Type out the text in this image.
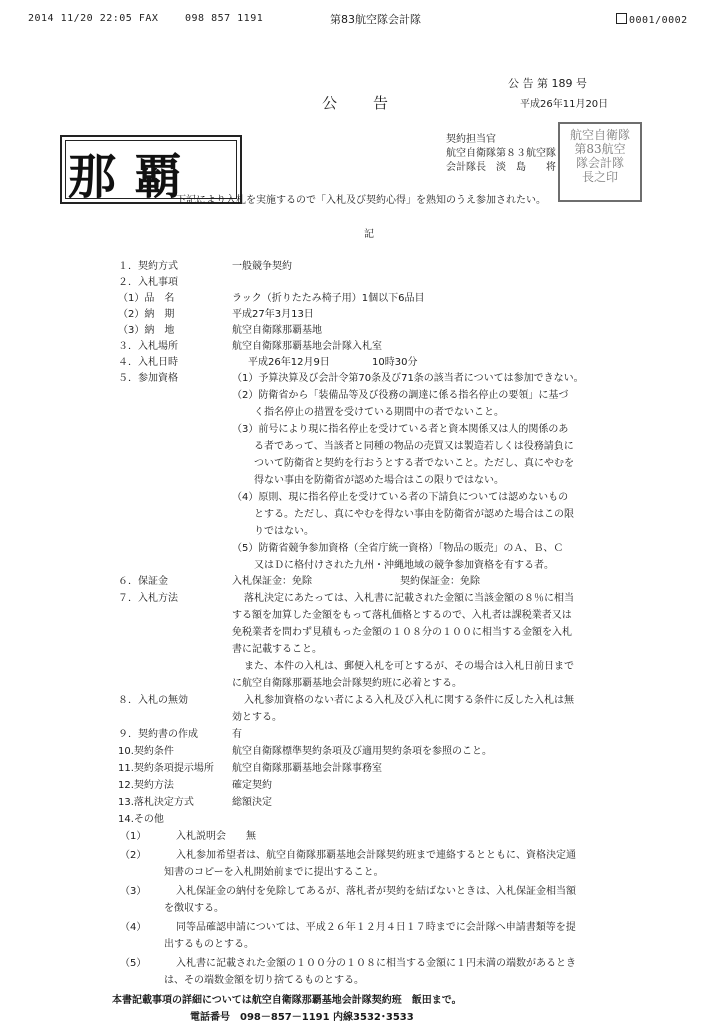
2014 11/20 22:05 FAX	098 857 1191	第83航空隊会計隊	0001/0002
公 告 第 189 号
平成26年11月20日
公　　告
那覇
契約担当官
航空自衛隊第８３航空隊
会計隊長　淡　島　　将
航空自衛隊
第83航空
隊会計隊
長之印
下記により入札を実施するので「入札及び契約心得」を熟知のうえ参加されたい。
記
１．契約方式	一般競争契約
２．入札事項
（1）品　名	ラック（折りたたみ椅子用）1個以下6品目
（2）納　期	平成27年3月13日
（3）納　地	航空自衛隊那覇基地
３．入札場所	航空自衛隊那覇基地会計隊入札室
４．入札日時	平成26年12月9日	10時30分
５．参加資格	（1）予算決算及び会計令第70条及び71条の該当者については参加できない。
（2）防衛省から「装備品等及び役務の調達に係る指名停止の要領」に基づ
く指名停止の措置を受けている期間中の者でないこと。
（3）前号により現に指名停止を受けている者と資本関係又は人的関係のあ
る者であって、当該者と同種の物品の売買又は製造若しくは役務請負に
ついて防衛省と契約を行おうとする者でないこと。ただし、真にやむを
得ない事由を防衛省が認めた場合はこの限りではない。
（4）原則、現に指名停止を受けている者の下請負については認めないもの
とする。ただし、真にやむを得ない事由を防衛省が認めた場合はこの限
りではない。
（5）防衛省競争参加資格（全省庁統一資格）「物品の販売」のＡ、Ｂ、Ｃ
又はＤに格付けされた九州・沖縄地域の競争参加資格を有する者。
６．保証金	入札保証金：免除	契約保証金：免除
７．入札方法	落札決定にあたっては、入札書に記載された金額に当該金額の８％に相当
する額を加算した金額をもって落札価格とするので、入札者は課税業者又は
免税業者を問わず見積もった金額の１０８分の１００に相当する金額を入札
書に記載すること。
また、本件の入札は、郵便入札を可とするが、その場合は入札日前日まで
に航空自衛隊那覇基地会計隊契約班に必着とする。
８．入札の無効	入札参加資格のない者による入札及び入札に関する条件に反した入札は無
効とする。
９．契約書の作成	有
10.契約条件	航空自衛隊標準契約条項及び適用契約条項を参照のこと。
11.契約条項提示場所 航空自衛隊那覇基地会計隊事務室
12.契約方法	確定契約
13.落札決定方式	総額決定
14.その他
（1）	入札説明会　　無
（2）	入札参加希望者は、航空自衛隊那覇基地会計隊契約班まで連絡するとともに、資格決定通
知書のコピーを入札開始前までに提出すること。
（3）	入札保証金の納付を免除してあるが、落札者が契約を結ばないときは、入札保証金相当額
を徴収する。
（4）	同等品確認申請については、平成２６年１２月４日１７時までに会計隊へ申請書類等を提
出するものとする。
（5）	入札書に記載された金額の１００分の１０８に相当する金額に１円未満の端数があるとき
は、その端数金額を切り捨てるものとする。
本書記載事項の詳細については航空自衛隊那覇基地会計隊契約班　飯田まで。
電話番号　098－857－1191 内線3532･3533
